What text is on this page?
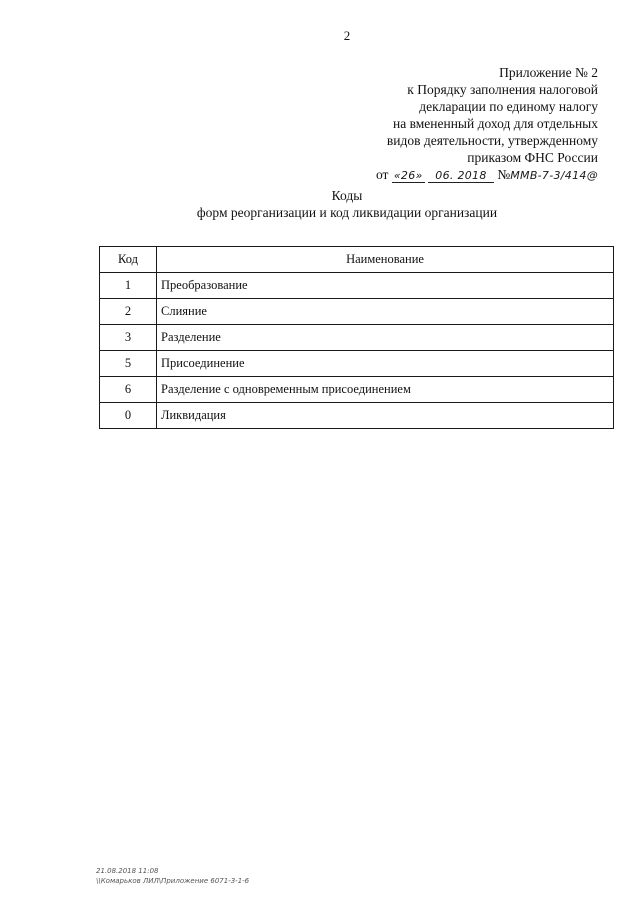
2
Приложение № 2
к Порядку заполнения налоговой
декларации по единому налогу
на вмененный доход для отдельных
видов деятельности, утвержденному
приказом ФНС России
от «26» 06. 2018 №ММВ-7-3/414@
Коды
форм реорганизации и код ликвидации организации
Код	Наименование
1	Преобразование
2	Слияние
3	Разделение
5	Присоединение
6	Разделение с одновременным присоединением
0	Ликвидация
21.08.2018 11:08
\\Комарьков ЛИЛ\Приложение 6071-3-1-6
